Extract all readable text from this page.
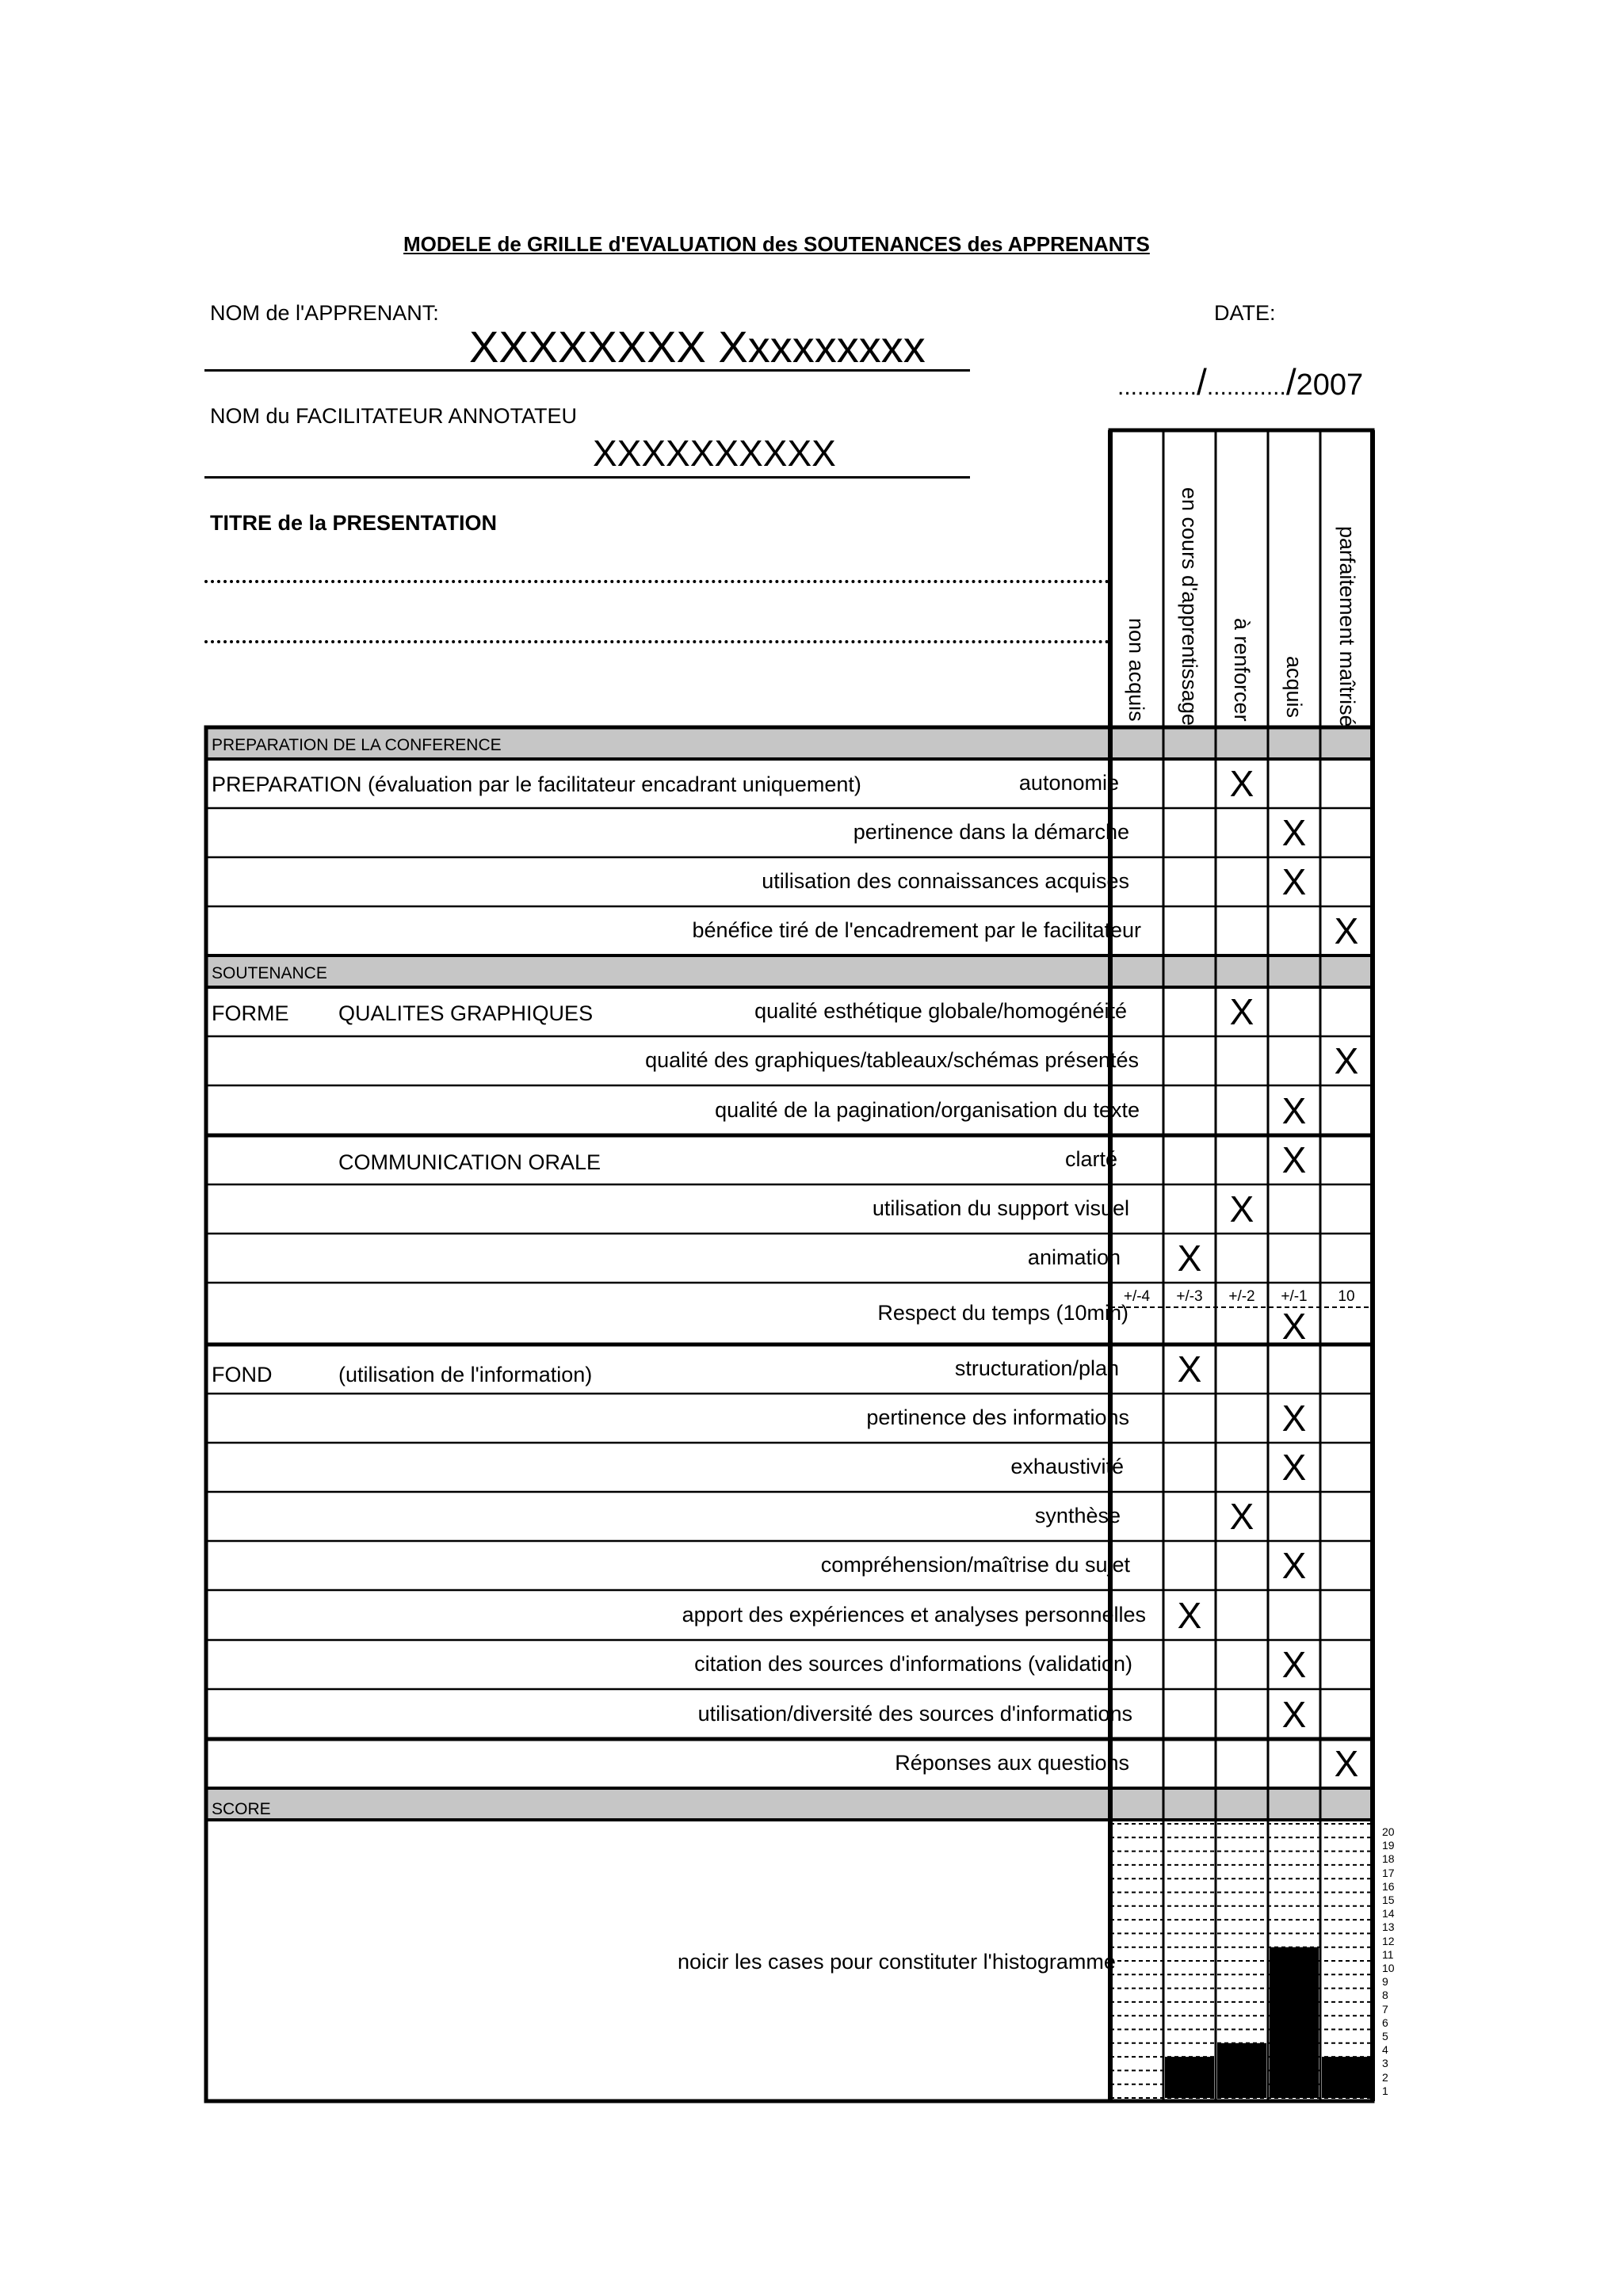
MODELE de GRILLE d'EVALUATION des SOUTENANCES des APPRENANTS
NOM de l'APPRENANT:
XXXXXXXX Xxxxxxxxx
DATE:
............/............/2007
NOM du FACILITATEUR ANNOTATEU
XXXXXXXXXX
TITRE de la PRESENTATION
non acquis en cours d'apprentissage à renforcer acquis parfaitement maîtrisé
PREPARATION DE LA CONFERENCE
SOUTENANCE
SCORE
PREPARATION (évaluation par le facilitateur encadrant uniquement)
FORME QUALITES GRAPHIQUES
COMMUNICATION ORALE
FOND	(utilisation de l'information)
autonomie
pertinence dans la démarche
utilisation des connaissances acquises
bénéfice tiré de l'encadrement par le facilitateur
qualité esthétique globale/homogénéité
qualité des graphiques/tableaux/schémas présentés
qualité de la pagination/organisation du texte
clarté
utilisation du support visuel
animation
Respect du temps (10min)
structuration/plan
pertinence des informations
exhaustivité
synthèse
compréhension/maîtrise du sujet
apport des expériences et analyses personnelles
citation des sources d'informations (validation)
utilisation/diversité des sources d'informations
Réponses aux questions
X
X
X
X
X
X
X
X
X
X
X
X
X
X
X
X
X
X
X
X
+/-4 +/-3 +/-2 +/-1 10
noicir les cases pour constituter l'histogramme
20
19
18
17
16
15
14
13
12
11
10
9
8
7
6
5
4
3
2
1
